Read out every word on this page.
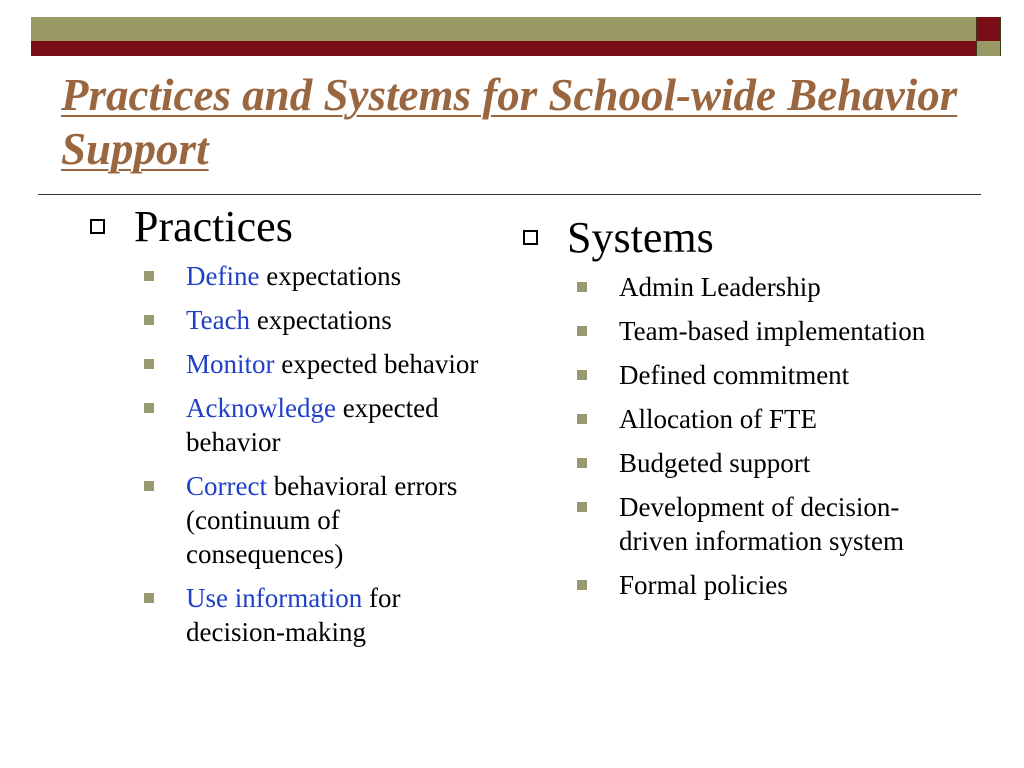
Practices and Systems for School-wide Behavior Support
Practices
Define expectations
Teach expectations
Monitor expected behavior
Acknowledge expected behavior
Correct behavioral errors (continuum of consequences)
Use information for decision-making
Systems
Admin Leadership
Team-based implementation
Defined commitment
Allocation of FTE
Budgeted support
Development of decision-driven information system
Formal policies
